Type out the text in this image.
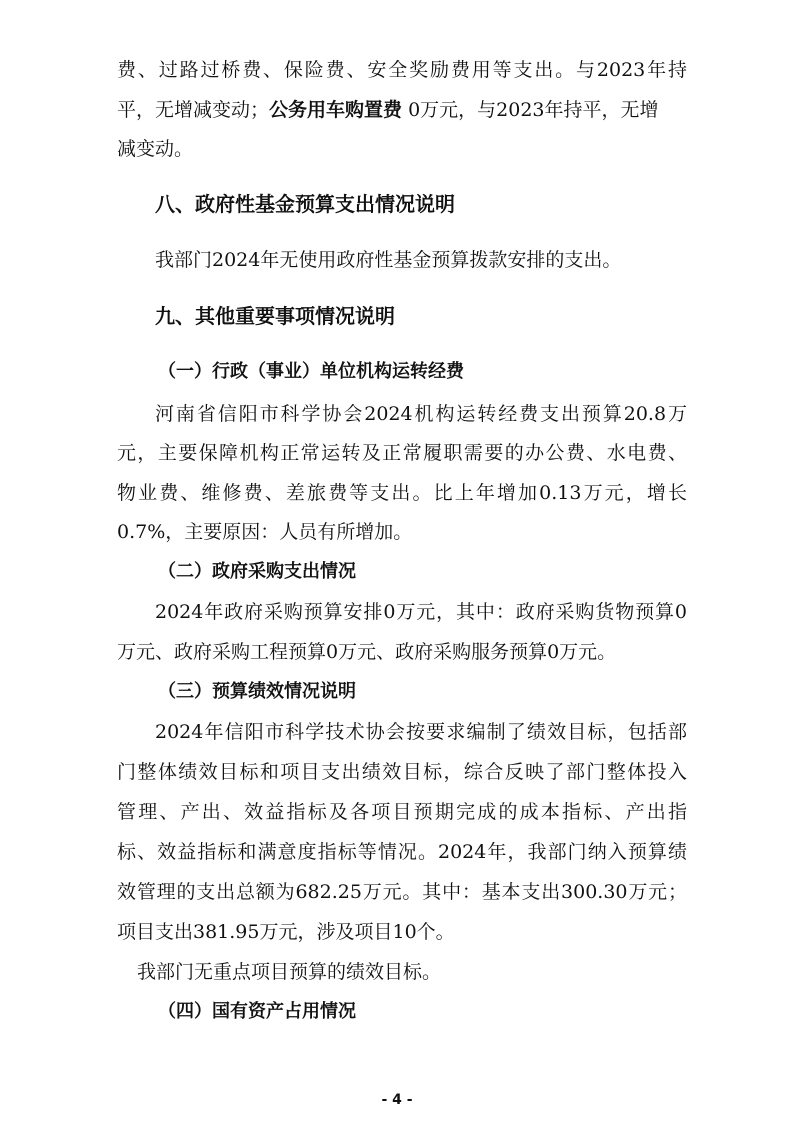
费、过路过桥费、保险费、安全奖励费用等支出。与2023年持
平，无增减变动；公务用车购置费 0万元，与2023年持平，无增
减变动。
八、政府性基金预算支出情况说明
我部门2024年无使用政府性基金预算拨款安排的支出。
九、其他重要事项情况说明
（一）行政（事业）单位机构运转经费
河南省信阳市科学协会2024机构运转经费支出预算20.8万
元，主要保障机构正常运转及正常履职需要的办公费、水电费、
物业费、维修费、差旅费等支出。比上年增加0.13万元，增长
0.7%，主要原因：人员有所增加。
（二）政府采购支出情况
2024年政府采购预算安排0万元，其中：政府采购货物预算0
万元、政府采购工程预算0万元、政府采购服务预算0万元。
（三）预算绩效情况说明
2024年信阳市科学技术协会按要求编制了绩效目标，包括部
门整体绩效目标和项目支出绩效目标，综合反映了部门整体投入
管理、产出、效益指标及各项目预期完成的成本指标、产出指
标、效益指标和满意度指标等情况。2024年，我部门纳入预算绩
效管理的支出总额为682.25万元。其中：基本支出300.30万元；
项目支出381.95万元，涉及项目10个。
我部门无重点项目预算的绩效目标。
（四）国有资产占用情况
- 4 -
